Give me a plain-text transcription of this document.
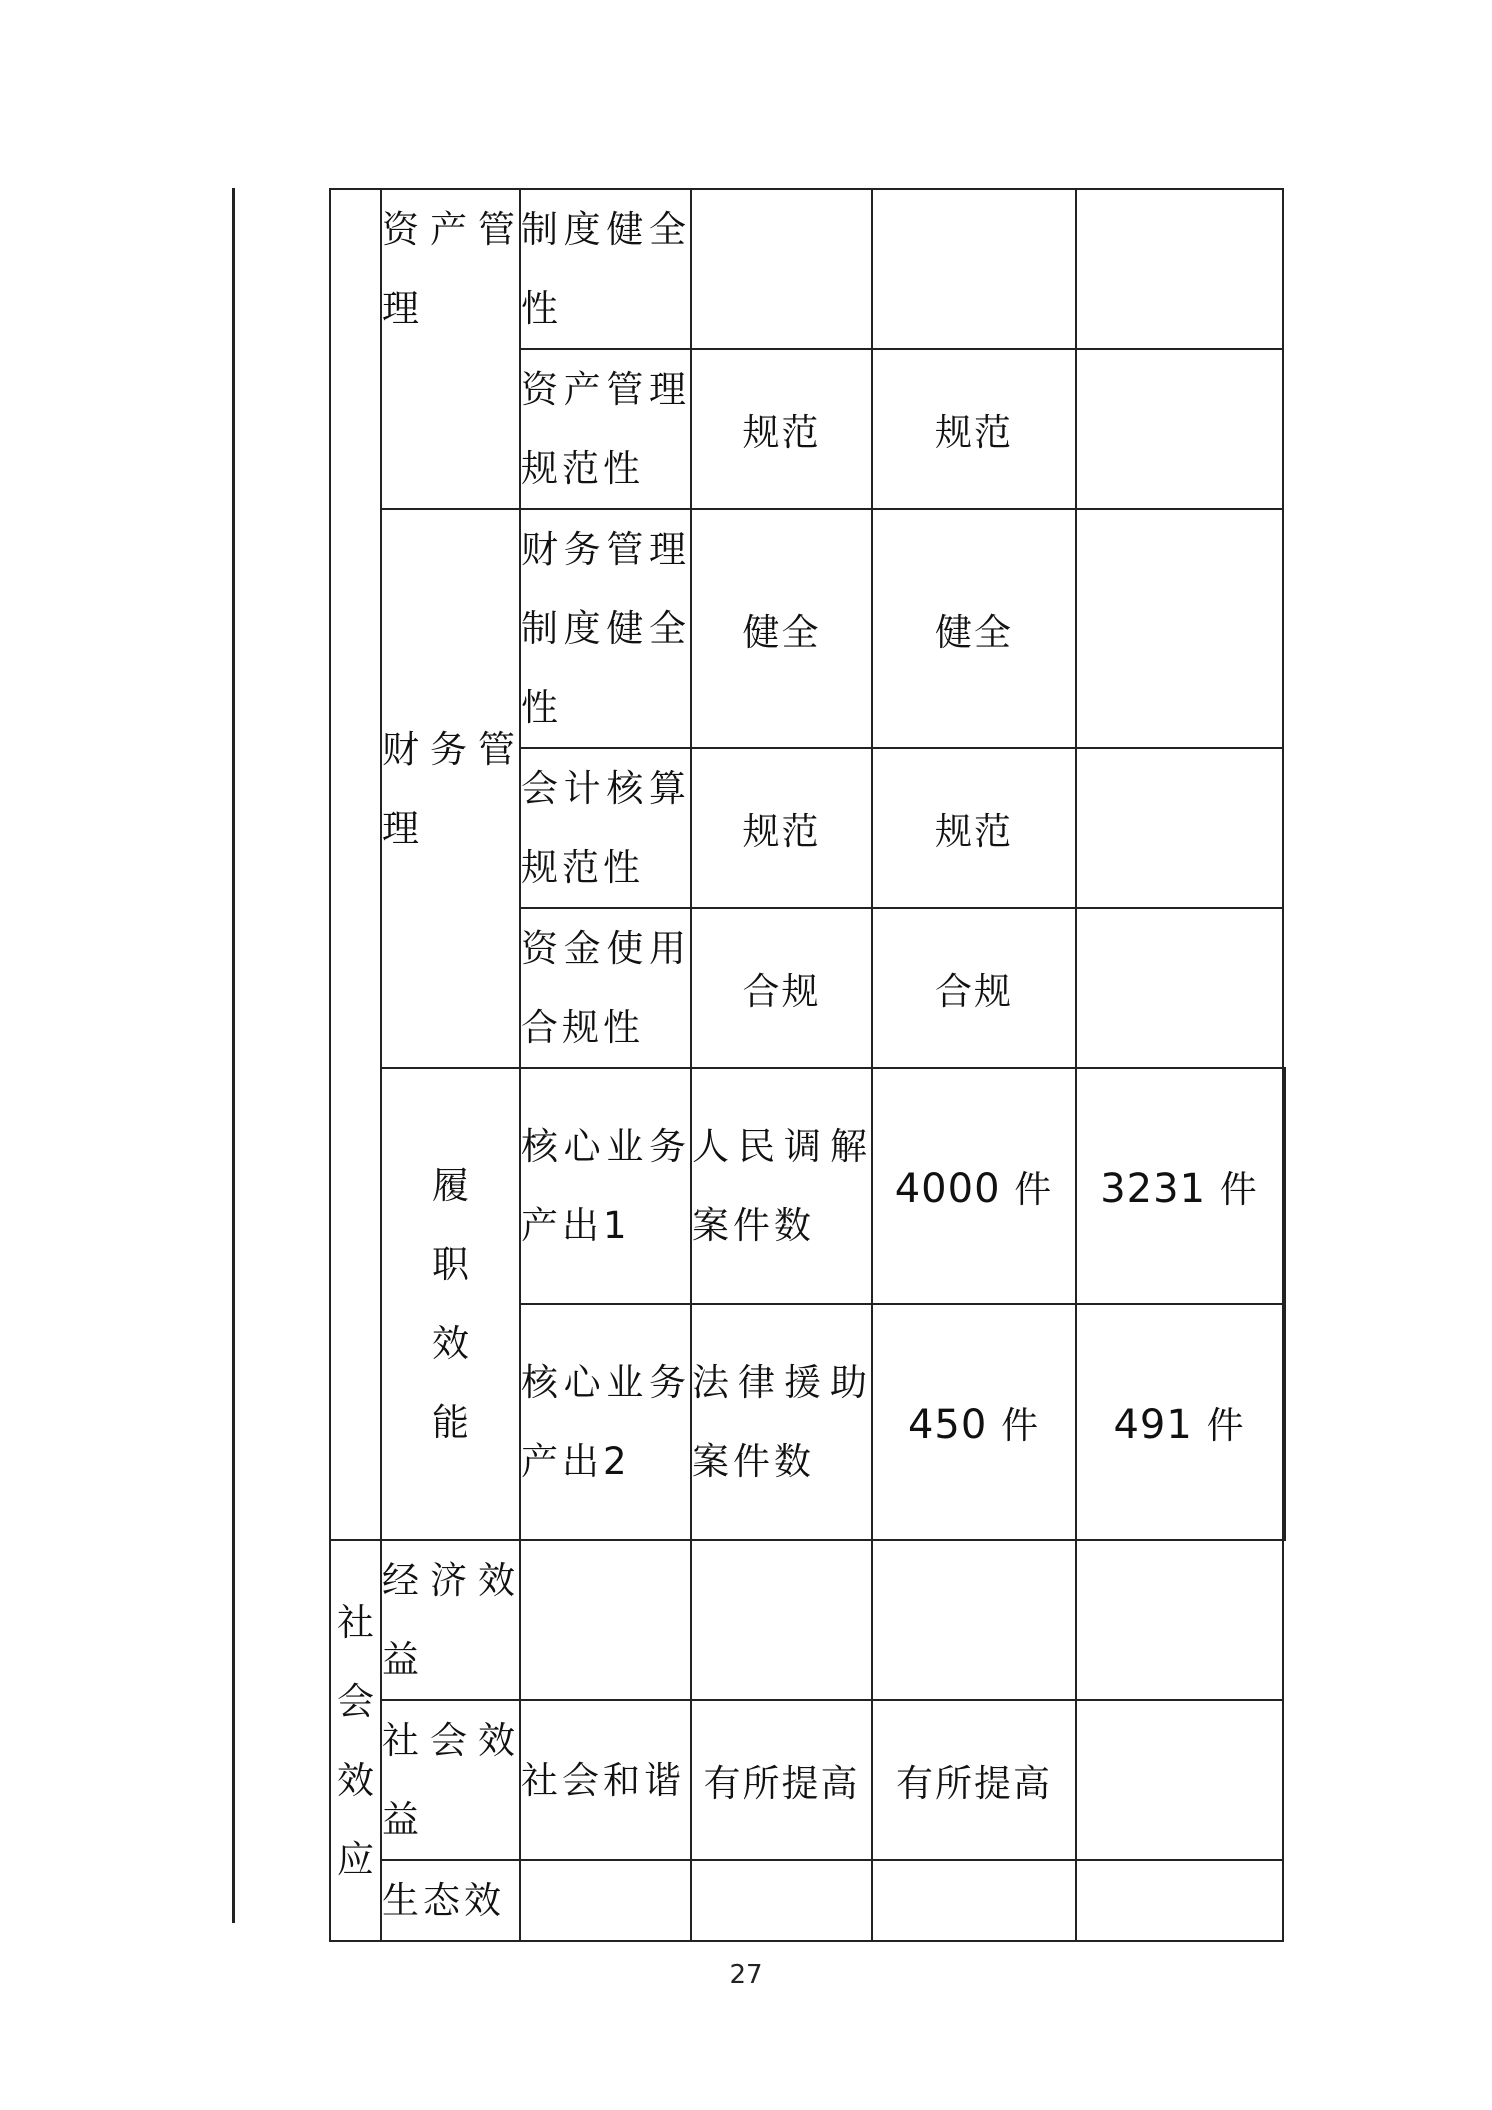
	资产管理	制度健全性				
		资产管理规范性	规范	规范		
	财务管理	财务管理制度健全性	健全	健全		
		会计核算规范性	规范	规范		
		资金使用合规性	合规	合规		

	履职效能	核心业务产出1	人民调解案件数	4000 件	3231 件	
		核心业务产出2	法律援助案件数	450 件	491 件	

社会效应	经济效益					
	社会效益	社会和谐	有所提高	有所提高		
	生态效					
27
